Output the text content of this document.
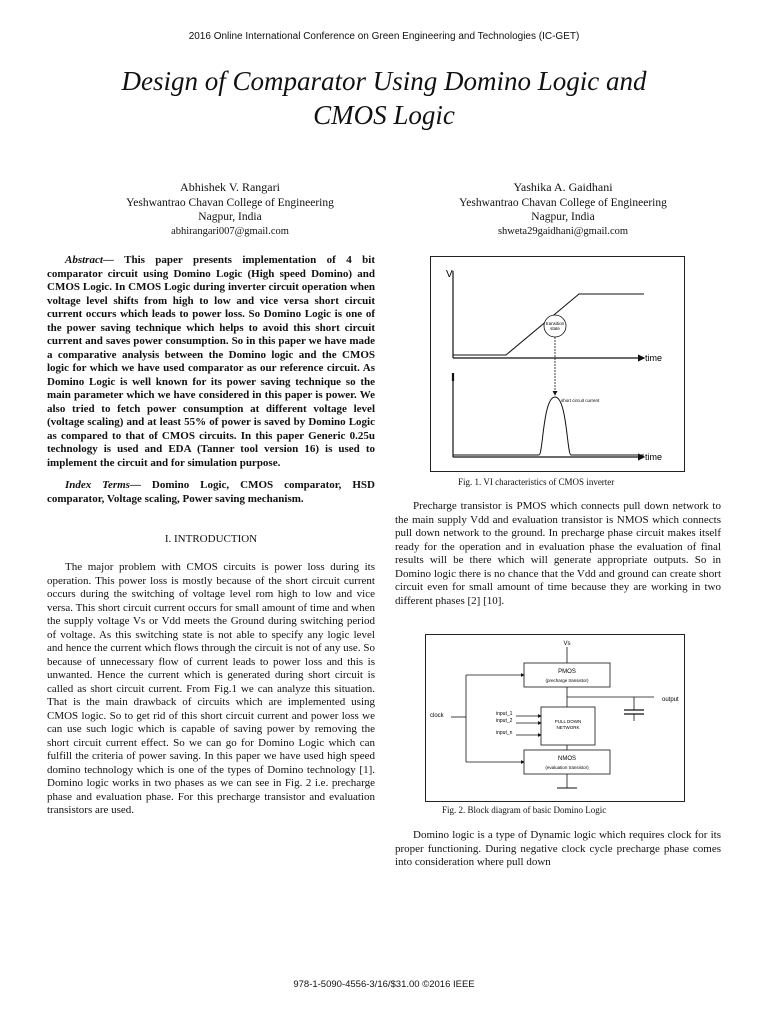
2016 Online International Conference on Green Engineering and Technologies (IC-GET)
Design of Comparator Using Domino Logic and
CMOS Logic
Abhishek V. Rangari
Yeshwantrao Chavan College of Engineering
Nagpur, India
abhirangari007@gmail.com
Yashika A. Gaidhani
Yeshwantrao Chavan College of Engineering
Nagpur, India
shweta29gaidhani@gmail.com
Abstract— This paper presents implementation of 4 bit comparator circuit using Domino Logic (High speed Domino) and CMOS Logic. In CMOS Logic during inverter circuit operation when voltage level shifts from high to low and vice versa short circuit current occurs which leads to power loss. So Domino Logic is one of the power saving technique which helps to avoid this short circuit current and saves power consumption. So in this paper we have made a comparative analysis between the Domino logic and the CMOS logic for which we have used comparator as our reference circuit. As Domino Logic is well known for its power saving technique so the main parameter which we have considered in this paper is power. We also tried to fetch power consumption at different voltage level (voltage scaling) and at least 55% of power is saved by Domino Logic as compared to that of CMOS circuits. In this paper Generic 0.25u technology is used and EDA (Tanner tool version 16) is used to implement the circuit and for simulation purpose.
Index Terms— Domino Logic, CMOS comparator, HSD comparator, Voltage scaling, Power saving mechanism.
I. INTRODUCTION
The major problem with CMOS circuits is power loss during its operation. This power loss is mostly because of the short circuit current occurs during the switching of voltage level rom high to low and vice versa. This short circuit current occurs for small amount of time and when the supply voltage Vs or Vdd meets the Ground during switching period of voltage. As this switching state is not able to specify any logic level and hence the current which flows through the circuit is not of any use. So because of unnecessary flow of current leads to power loss and this is unwanted. Hence the current which is generated during short circuit is called as short circuit current. From Fig.1 we can analyze this situation. That is the main drawback of circuits which are implemented using CMOS logic. So to get rid of this short circuit current and power loss we can use such logic which is capable of saving power by removing the short circuit current effect. So we can go for Domino Logic which can fulfill the criteria of power saving. In this paper we have used high speed domino technology which is one of the types of Domino technology [1]. Domino logic works in two phases as we can see in Fig. 2 i.e. precharge phase and evaluation phase. For this precharge transistor and evaluation transistors are used.
V
time
transition
state
time
short circuit current
Fig. 1. VI characteristics of CMOS inverter
Precharge transistor is PMOS which connects pull down network to the main supply Vdd and evaluation transistor is NMOS which connects pull down network to the ground. In precharge phase circuit makes itself ready for the operation and in evaluation phase the evaluation of final results will be there which will generate appropriate outputs. So in Domino logic there is no chance that the Vdd and ground can create short circuit even for small amount of time because they are working in two different phases [2] [10].
Vs
PMOS
(precharge transistor)
output
PULL DOWN
NETWORK
input_1
input_2
input_n
clock
NMOS
(evaluation transistor)
Fig. 2. Block diagram of basic Domino Logic
Domino logic is a type of Dynamic logic which requires clock for its proper functioning. During negative clock cycle precharge phase comes into consideration where pull down
978-1-5090-4556-3/16/$31.00 ©2016 IEEE
